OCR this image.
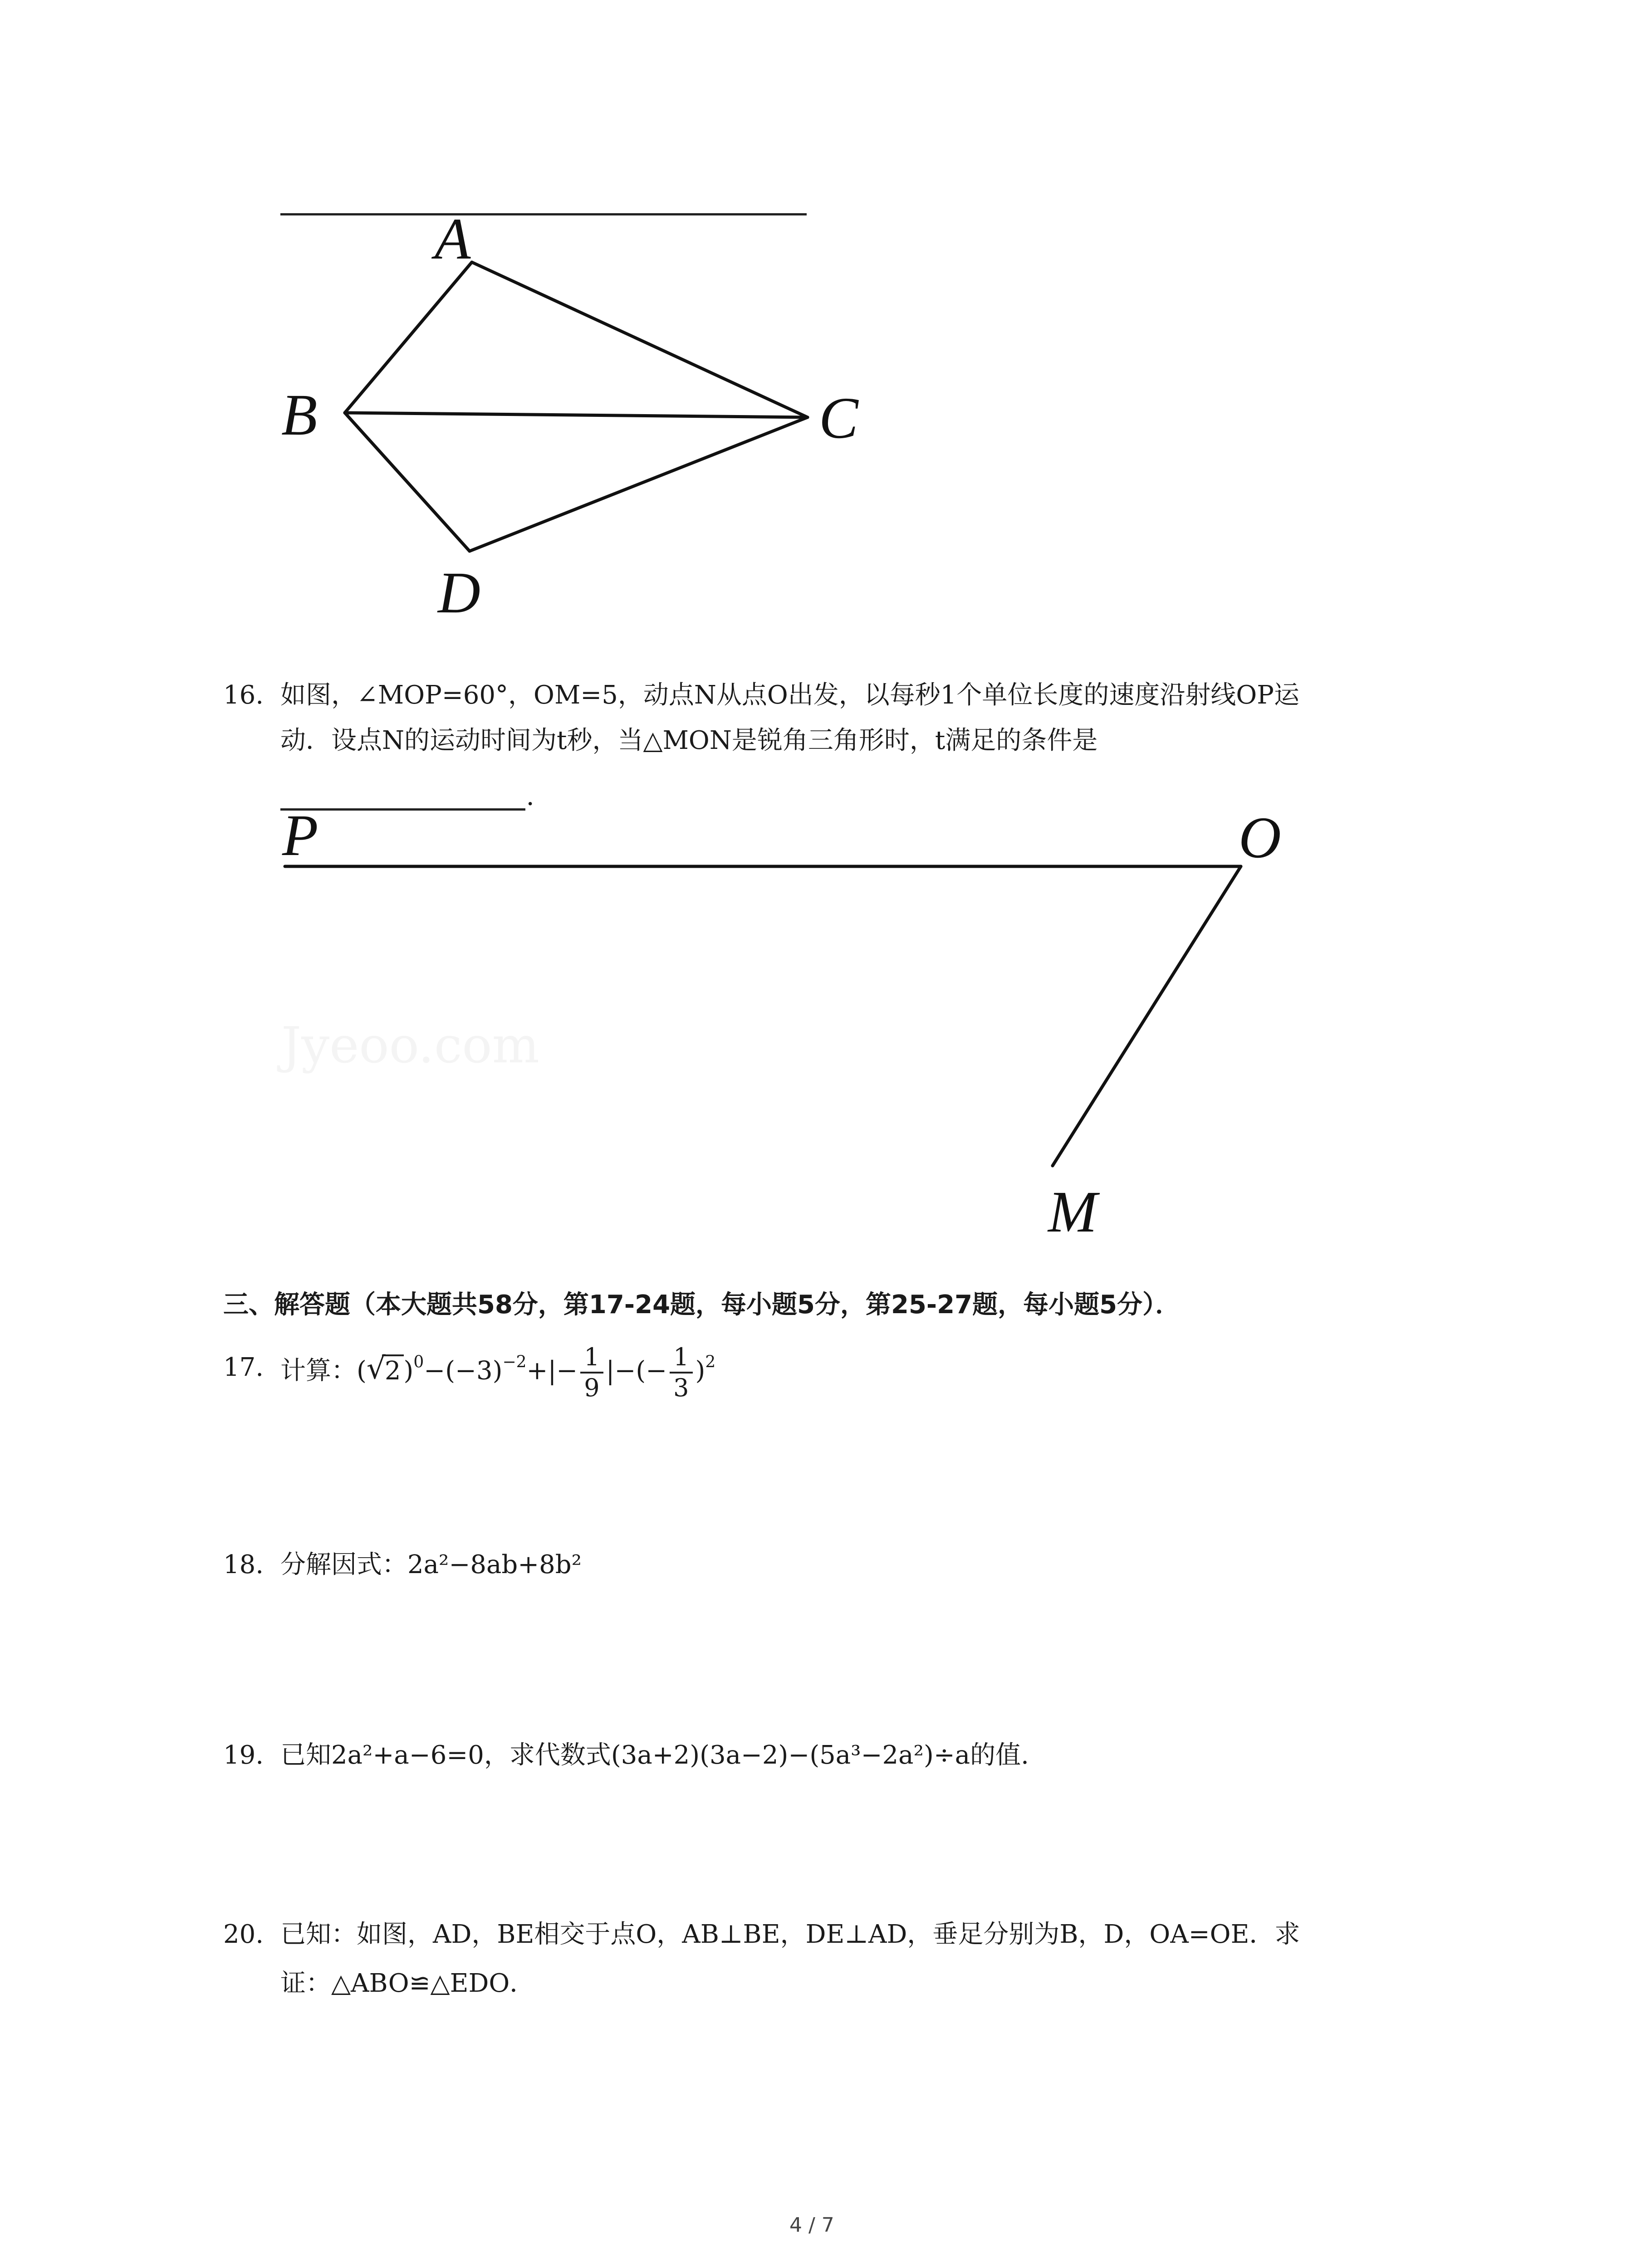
A
B	C
D
16. 如图，∠MOP=60°，OM=5，动点N从点O出发，以每秒1个单位长度的速度沿射线OP运
动．设点N的运动时间为t秒，当△MON是锐角三角形时，t满足的条件是
．
P	O
M
Jyeoo.com
三、解答题（本大题共58分，第17-24题，每小题5分，第25-27题，每小题5分）．
17. 计算：(√ 2 )$^0-(-3)^{-2}+|- \frac{1}{9}$ |−(− $\frac{1}{3} )^2$
18. 分解因式：2a²−8ab+8b²
19. 已知2a²+a−6=0，求代数式(3a+2)(3a−2)−(5a³−2a²)÷a的值.
20. 已知：如图，AD，BE相交于点O，AB⊥BE，DE⊥AD，垂足分别为B，D，OA=OE．求
证：△ABO≌△EDO．
4 / 7
